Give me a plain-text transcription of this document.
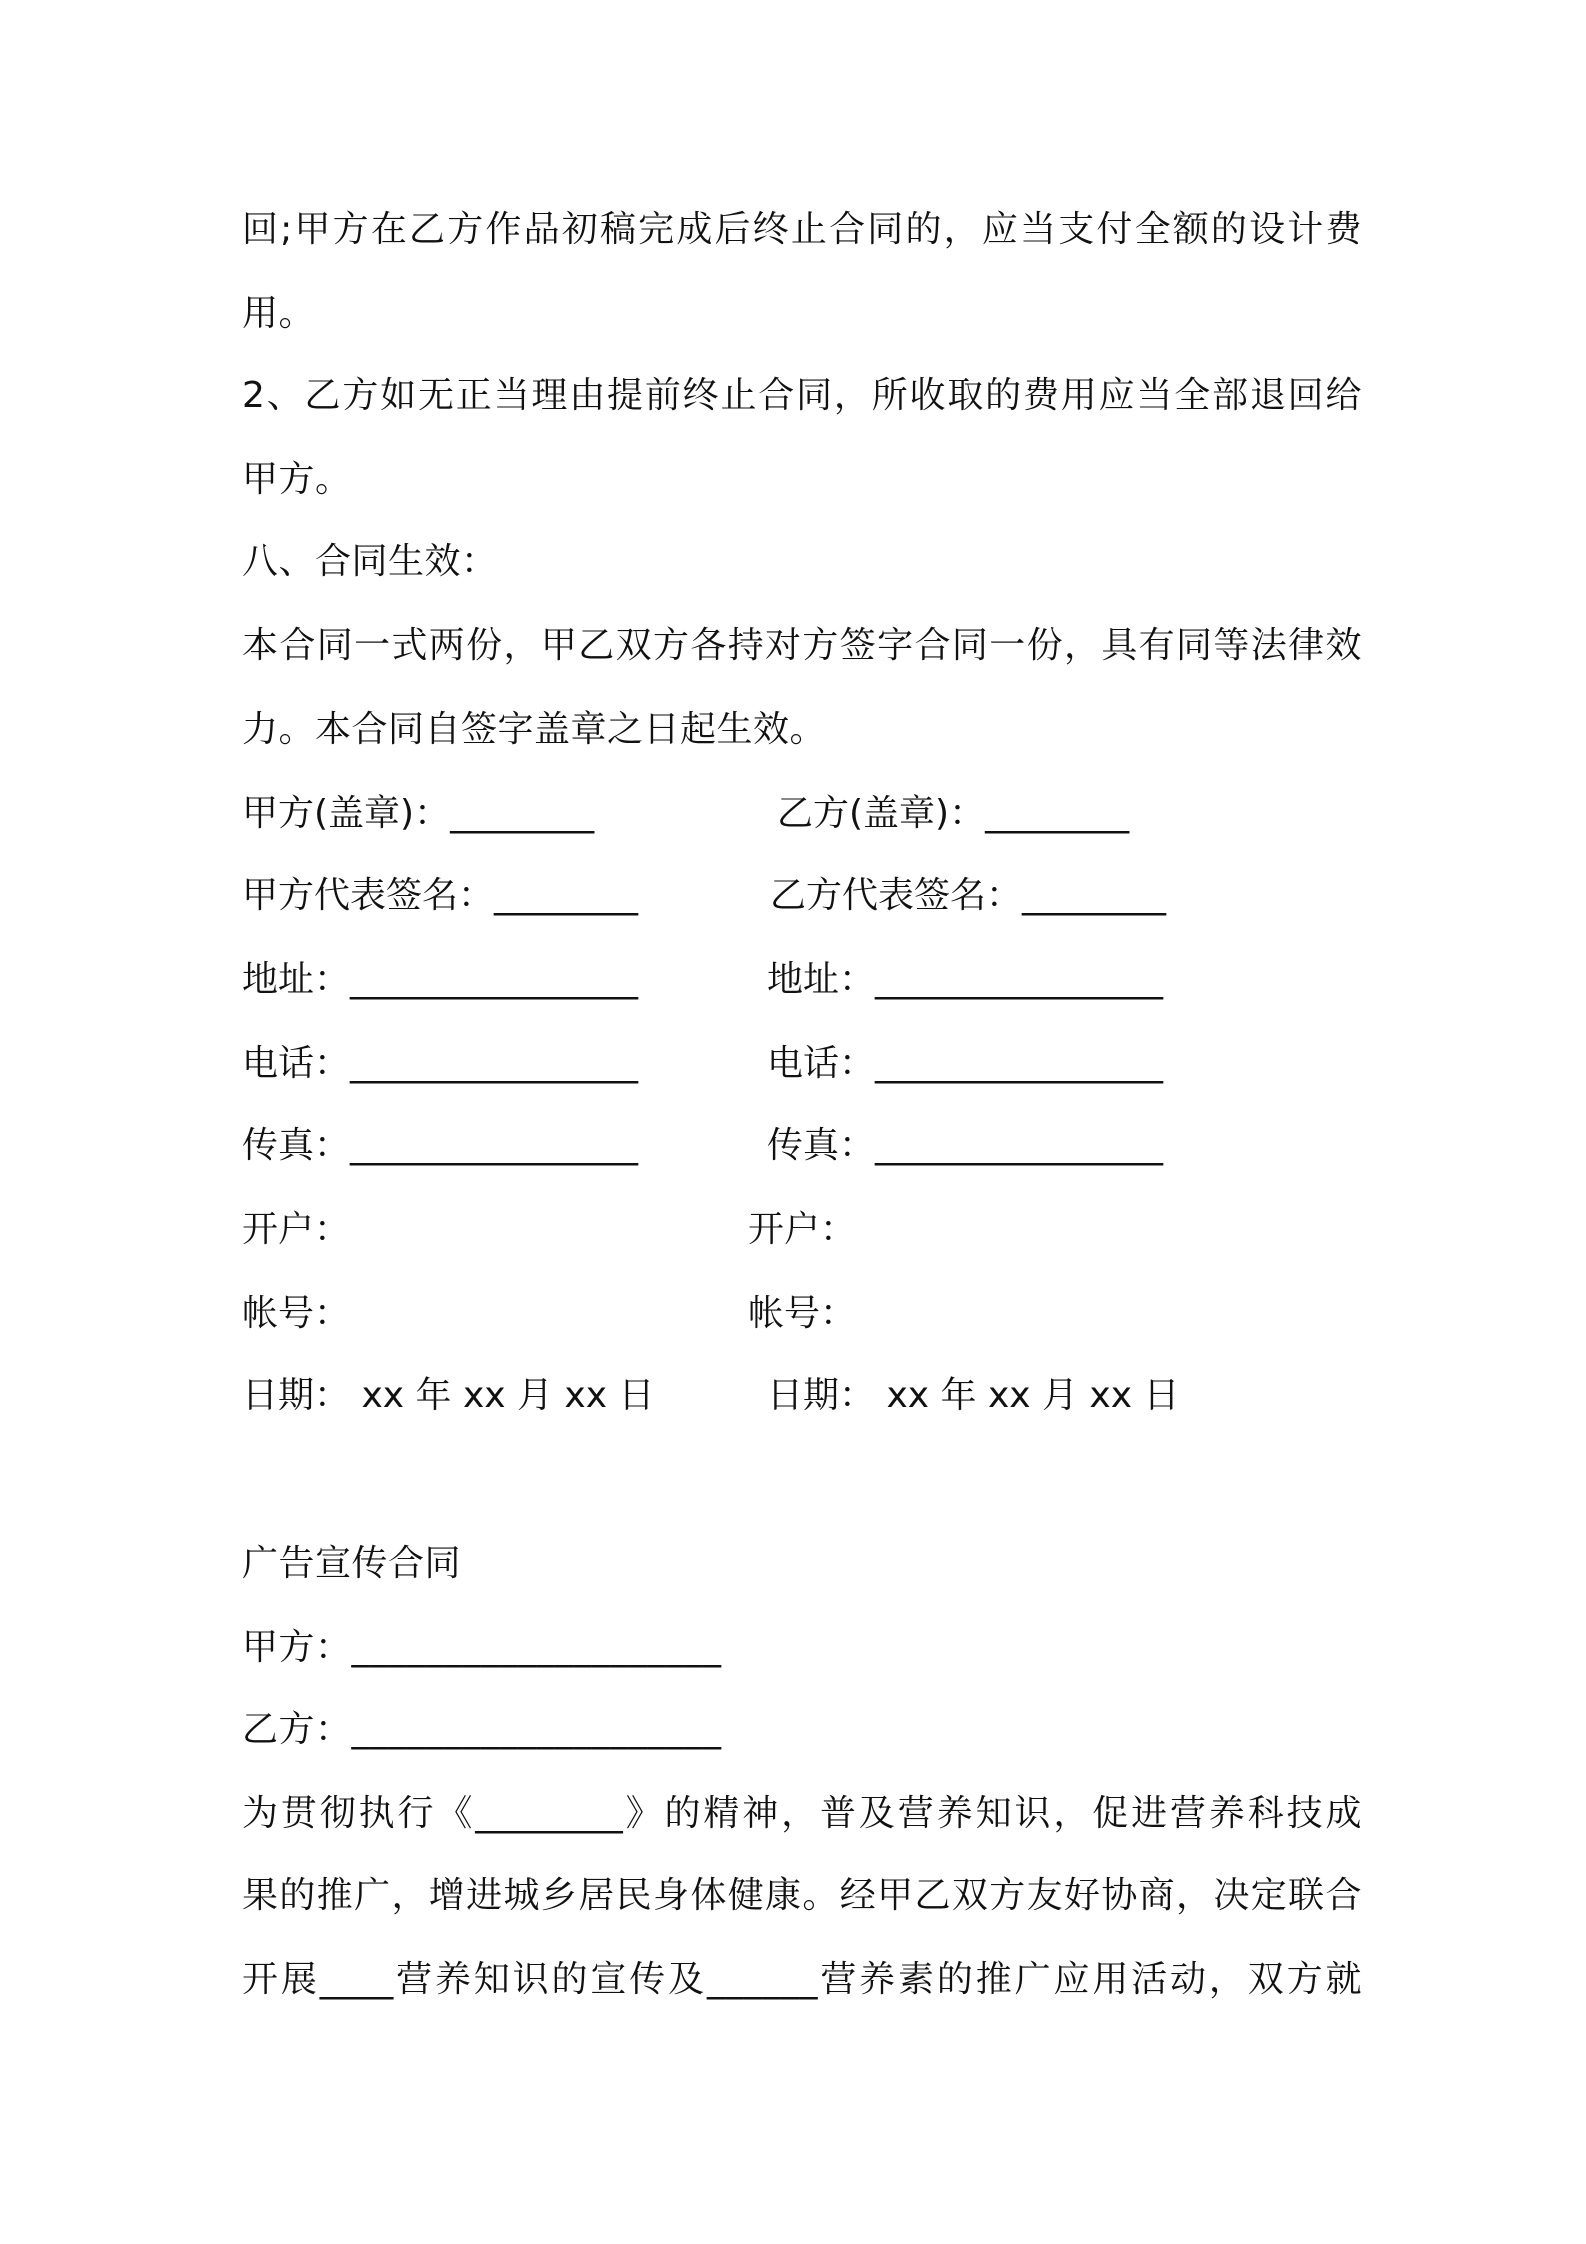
回;甲方在乙方作品初稿完成后终止合同的，应当支付全额的设计费
用。
2、乙方如无正当理由提前终止合同，所收取的费用应当全部退回给
甲方。
八、合同生效：
本合同一式两份，甲乙双方各持对方签字合同一份，具有同等法律效
力。本合同自签字盖章之日起生效。
甲方(盖章)：________	乙方(盖章)：________
甲方代表签名：________	乙方代表签名：________
地址：________________	地址：________________
电话：________________	电话：________________
传真：________________	传真：________________
开户：	开户：
帐号：	帐号：
日期： xx 年 xx 月 xx 日	日期： xx 年 xx 月 xx 日
广告宣传合同
甲方：____________________
乙方：____________________
为贯彻执行《________》的精神，普及营养知识，促进营养科技成
果的推广，增进城乡居民身体健康。经甲乙双方友好协商，决定联合
开展____营养知识的宣传及______营养素的推广应用活动，双方就
